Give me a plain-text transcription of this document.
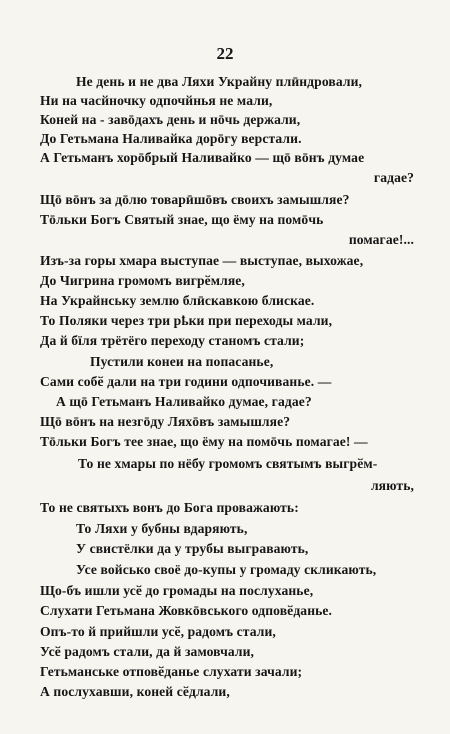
22
Не день и не два Ляхи Украйну плӣндровали,
Ни на часйночку одпочйнья не мали,
Коней на - завōдахъ день и нōчь держали,
До Гетьмана Наливайка дорōгу верстали.
А Гетьманъ хорōбрый Наливайко — щō вōнъ думае
гадае?
Щō вōнъ за дōлю товарӣшōвъ своихъ замышляе?
Тōльки Богъ Святый знае, що ёму на помōчь
помагае!...
Изъ-за горы хмара выступае — выступае, выхожае,
До Чигрина громомъ вигрӗмляе,
На Украйнську землю блӣскавкою блискае.
То Поляки через три рҍки при переходы мали,
Да й бїля трётёго переходу станомъ стали;
Пустили конеи на попасанье,
Сами собӗ дали на три години одпочиванье. —
А щō Гетьманъ Наливайко думае, гадае?
Щō вōнъ на незгōду Ляхōвъ замышляе?
Тōльки Богъ тее знае, що ёму на помōчь помагае! —
То не хмары по нёбу громомъ святымъ выгрӗм-
ляють,
То не святыхъ вонъ до Бога проважають:
То Ляхи у бубны вдаряють,
У свистёлки да у трубы выгравають,
Усе войсько своё до-купы у громаду скликають,
Що-бъ ишли усӗ до громады на послуханье,
Слухати Гетьмана Жовкōвського одповӗданье.
Опъ-то й прийшли усӗ, радомъ стали,
Усӗ радомъ стали, да й замовчали,
Гетьманське отповӗданье слухати зачали;
А послухавши, коней сӗдлали,
